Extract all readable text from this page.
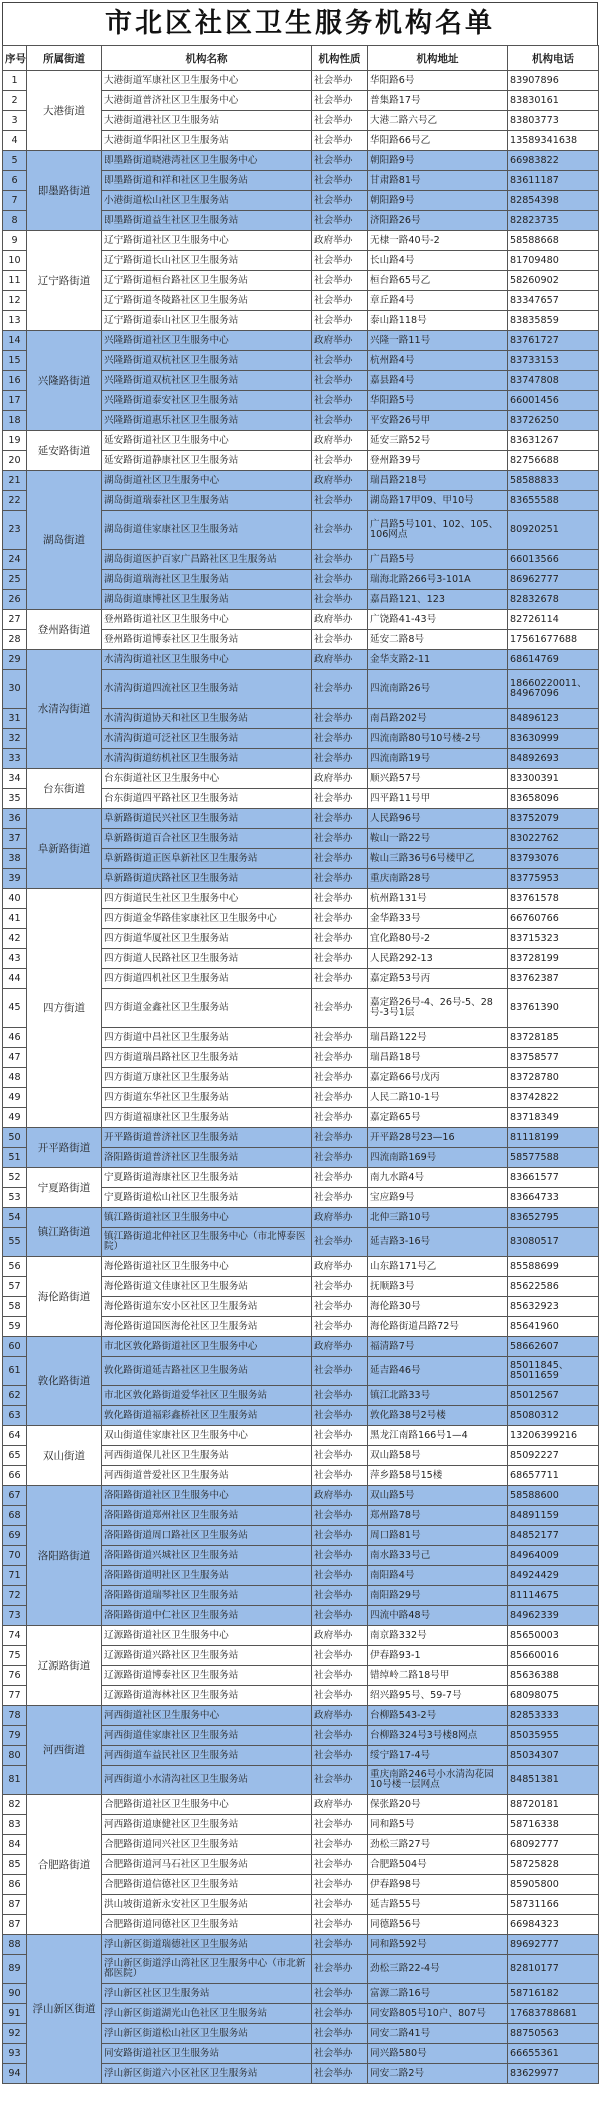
市北区社区卫生服务机构名单
序号	所属街道	机构名称	机构性质	机构地址	机构电话
1	大港街道	大港街道军康社区卫生服务中心	社会举办	华阳路6号	83907896
2		大港街道普济社区卫生服务中心	社会举办	普集路17号	83830161
3		大港街道港社区卫生服务站	社会举办	大港二路六号乙	83803773
4		大港街道华阳社区卫生服务站	社会举办	华阳路66号乙	13589341638
5	即墨路街道	即墨路街道晓港湾社区卫生服务中心	社会举办	朝阳路9号	66983822
6		即墨路街道和祥和社区卫生服务站	社会举办	甘肃路81号	83611187
7		小港街道松山社区卫生服务站	社会举办	朝阳路9号	82854398
8		即墨路街道益生社区卫生服务站	社会举办	济阳路26号	82823735
9	辽宁路街道	辽宁路街道社区卫生服务中心	政府举办	无棣一路40号-2	58588668
10		辽宁路街道长山社区卫生服务站	社会举办	长山路4号	81709480
11		辽宁路街道桓台路社区卫生服务站	社会举办	桓台路65号乙	58260902
12		辽宁路街道冬陵路社区卫生服务站	社会举办	章丘路4号	83347657
13		辽宁路街道泰山社区卫生服务站	社会举办	泰山路118号	83835859
14	兴隆路街道	兴隆路街道社区卫生服务中心	政府举办	兴隆一路11号	83761727
15		兴隆路街道双杭社区卫生服务站	社会举办	杭州路4号	83733153
16		兴隆路街道双杭社区卫生服务站	社会举办	嘉县路4号	83747808
17		兴隆路街道泰安社区卫生服务站	社会举办	华阳路5号	66001456
18		兴隆路街道惠乐社区卫生服务站	社会举办	平安路26号甲	83726250
19	延安路街道	延安路街道社区卫生服务中心	政府举办	延安三路52号	83631267
20		延安路街道静康社区卫生服务站	社会举办	登州路39号	82756688
21	湖岛街道	湖岛街道社区卫生服务中心	政府举办	瑞昌路218号	58588833
22		湖岛街道瑞泰社区卫生服务站	社会举办	湖岛路17甲09、甲10号	83655588
23		湖岛街道佳家康社区卫生服务站	社会举办	广昌路5号101、102、105、106网点	80920251
24		湖岛街道医护百家广昌路社区卫生服务站	社会举办	广昌路5号	66013566
25		湖岛街道瑞海社区卫生服务站	社会举办	瑞海北路266号3-101A	86962777
26		湖岛街道康博社区卫生服务站	社会举办	嘉昌路121、123	82832678
27	登州路街道	登州路街道社区卫生服务中心	政府举办	广饶路41-43号	82726114
28		登州路街道博泰社区卫生服务站	社会举办	延安二路8号	17561677688
29	水清沟街道	水清沟街道社区卫生服务中心	政府举办	金华支路2-11	68614769
30		水清沟街道四流社区卫生服务站	社会举办	四流南路26号	18660220011、84967096
31		水清沟街道协天和社区卫生服务站	社会举办	南昌路202号	84896123
32		水清沟街道可泛社区卫生服务站	社会举办	四流南路80号10号楼-2号	83630999
33		水清沟街道纺机社区卫生服务站	社会举办	四流南路19号	84892693
34	台东街道	台东街道社区卫生服务中心	政府举办	顺兴路57号	83300391
35		台东街道四平路社区卫生服务站	社会举办	四平路11号甲	83658096
36	阜新路街道	阜新路街道民兴社区卫生服务站	社会举办	人民路96号	83752079
37		阜新路街道百合社区卫生服务站	社会举办	鞍山一路22号	83022762
38		阜新路街道正医阜新社区卫生服务站	社会举办	鞍山三路36号6号楼甲乙	83793076
39		阜新路街道庆路社区卫生服务站	社会举办	重庆南路28号	83775953
40	四方街道	四方街道民生社区卫生服务中心	社会举办	杭州路131号	83761578
41		四方街道金华路佳家康社区卫生服务中心	社会举办	金华路33号	66760766
42		四方街道华厦社区卫生服务站	社会举办	宜化路80号-2	83715323
43		四方街道人民路社区卫生服务站	社会举办	人民路292-13	83728199
44		四方街道四机社区卫生服务站	社会举办	嘉定路53号丙	83762387
45		四方街道金鑫社区卫生服务站	社会举办	嘉定路26号-4、26号-5、28号-3号1层	83761390
46		四方街道中昌社区卫生服务站	社会举办	瑞昌路122号	83728185
47		四方街道瑞昌路社区卫生服务站	社会举办	瑞昌路18号	83758577
48		四方街道万康社区卫生服务站	社会举办	嘉定路66号戊丙	83728780
49		四方街道东华社区卫生服务站	社会举办	人民二路10-1号	83742822
49		四方街道福康社区卫生服务站	社会举办	嘉定路65号	83718349
50	开平路街道	开平路街道普济社区卫生服务站	社会举办	开平路28号23—16	81118199
51		洛阳路街道普济社区卫生服务站	社会举办	四流南路169号	58577588
52	宁夏路街道	宁夏路街道海康社区卫生服务站	社会举办	南九水路4号	83661577
53		宁夏路街道松山社区卫生服务站	社会举办	宝应路9号	83664733
54	镇江路街道	镇江路街道社区卫生服务中心	政府举办	北仲三路10号	83652795
55		镇江路街道北仲社区卫生服务中心（市北博泰医院）	社会举办	延吉路3-16号	83080517
56	海伦路街道	海伦路街道社区卫生服务中心	政府举办	山东路171号乙	85588699
57		海伦路街道文佳康社区卫生服务站	社会举办	抚顺路3号	85622586
58		海伦路街道东安小区社区卫生服务站	社会举办	海伦路30号	85632923
59		海伦路街道国医海伦社区卫生服务站	社会举办	海伦路街道昌路72号	85641960
60	敦化路街道	市北区敦化路街道社区卫生服务中心	政府举办	福清路7号	58662607
61		敦化路街道延吉路社区卫生服务站	社会举办	延吉路46号	85011845、85011659
62		市北区敦化路街道爱华社区卫生服务站	社会举办	镇江北路33号	85012567
63		敦化路街道福彩鑫桥社区卫生服务站	社会举办	敦化路38号2号楼	85080312
64	双山街道	双山街道佳家康社区卫生服务中心	社会举办	黑龙江南路166号1—4	13206399216
65		河西街道保儿社区卫生服务站	社会举办	双山路58号	85092227
66		河西街道普爱社区卫生服务站	社会举办	萍乡路58号15楼	68657711
67	洛阳路街道	洛阳路街道社区卫生服务中心	政府举办	双山路5号	58588600
68		洛阳路街道郑州社区卫生服务站	社会举办	郑州路78号	84891159
69		洛阳路街道周口路社区卫生服务站	社会举办	周口路81号	84852177
70		洛阳路街道兴城社区卫生服务站	社会举办	南水路33号己	84964009
71		洛阳路街道明社区卫生服务站	社会举办	南阳路4号	84924429
72		洛阳路街道瑞琴社区卫生服务站	社会举办	南阳路29号	81114675
73		洛阳路街道中仁社区卫生服务站	社会举办	四流中路48号	84962339
74	辽源路街道	辽源路街道社区卫生服务中心	政府举办	南京路332号	85650003
75		辽源路街道兴路社区卫生服务站	社会举办	伊春路93-1	85660016
76		辽源路街道博泰社区卫生服务站	社会举办	错绰岭二路18号甲	85636388
77		辽源路街道海林社区卫生服务站	社会举办	绍兴路95号、59-7号	68098075
78	河西街道	河西街道社区卫生服务中心	政府举办	台柳路543-2号	82853333
79		河西街道佳家康社区卫生服务站	社会举办	台柳路324号3号楼8网点	85035955
80		河西街道车益民社区卫生服务站	社会举办	绥宁路17-4号	85034307
81		河西街道小水清沟社区卫生服务站	社会举办	重庆南路246号小水清沟花园10号楼一层网点	84851381
82	合肥路街道	合肥路街道社区卫生服务中心	政府举办	保张路20号	88720181
83		河西路街道康健社区卫生服务站	社会举办	同和路5号	58716338
84		合肥路街道同兴社区卫生服务站	社会举办	劲松三路27号	68092777
85		合肥路街道河马石社区卫生服务站	社会举办	合肥路504号	58725828
86		合肥路街道信德社区卫生服务站	社会举办	伊春路98号	85905800
87		洪山坡街道新永安社区卫生服务站	社会举办	延吉路55号	58731166
87		合肥路街道同德社区卫生服务站	社会举办	同德路56号	66984323
88	浮山新区街道	浮山新区街道瑞德社区卫生服务站	社会举办	同和路592号	89692777
89		浮山新区街道浮山湾社区卫生服务中心（市北新都医院）	社会举办	劲松三路22-4号	82810177
90		浮山新区社区卫生服务站	社会举办	富源二路16号	58716182
91		浮山新区街道湖光山色社区卫生服务站	社会举办	同安路805号10户、807号	17683788681
92		浮山新区街道松山社区卫生服务站	社会举办	同安二路41号	88750563
93		同安路街道社区卫生服务站	社会举办	同兴路580号	66655361
94		浮山新区街道六小区社区卫生服务站	社会举办	同安二路2号	83629977
